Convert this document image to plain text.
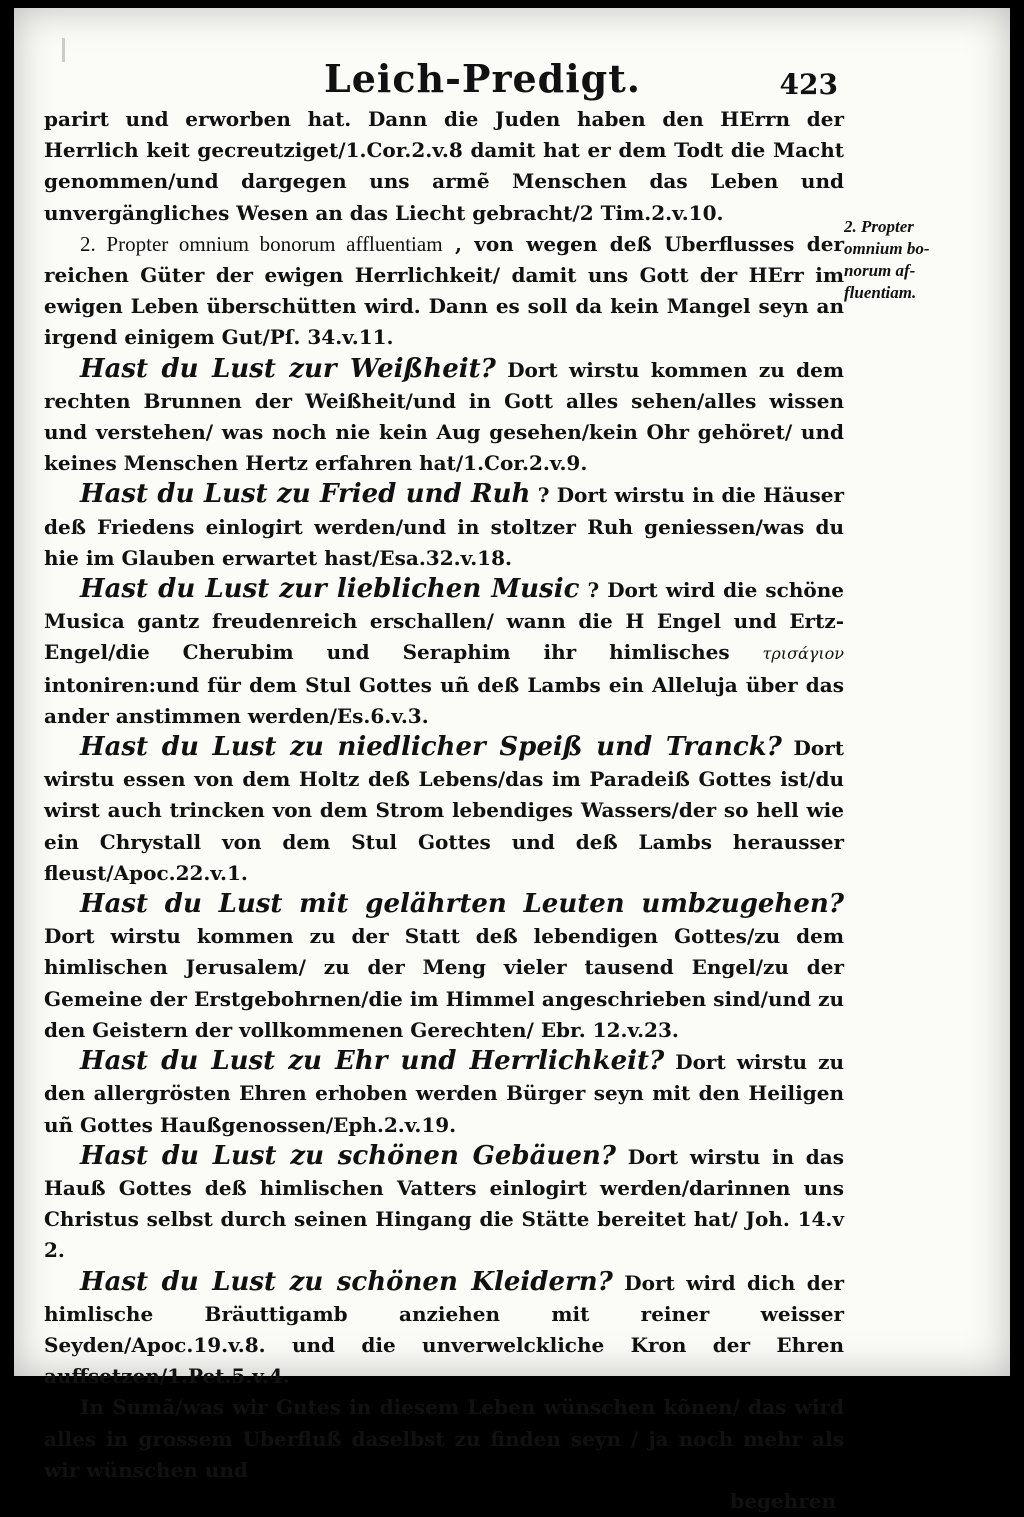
Leich-Predigt.	423

parirt und erworben hat. Dann die Juden haben den HErrn der Herrlich keit gecreutziget/1.Cor.2.v.8 damit hat er dem Todt die Macht genommen/und dargegen uns armẽ Menschen das Leben und unvergängliches Wesen an das Liecht gebracht/2 Tim.2.v.10.

2. Propter omnium bonorum affluentiam , von wegen deß Uberflusses der reichen Güter der ewigen Herrlichkeit/ damit uns Gott der HErr im ewigen Leben überschütten wird. Dann es soll da kein Mangel seyn an irgend einigem Gut/Pſ. 34.v.11.

Hast du Lust zur Weißheit? Dort wirstu kommen zu dem rechten Brunnen der Weißheit/und in Gott alles sehen/alles wissen und verstehen/ was noch nie kein Aug gesehen/kein Ohr gehöret/ und keines Menschen Hertz erfahren hat/1.Cor.2.v.9.

Hast du Lust zu Fried und Ruh ? Dort wirstu in die Häuser deß Friedens einlogirt werden/und in stoltzer Ruh geniessen/was du hie im Glauben erwartet hast/Esa.32.v.18.

Hast du Lust zur lieblichen Music ? Dort wird die schöne Musica gantz freudenreich erschallen/ wann die H Engel und Ertz-Engel/die Cherubim und Seraphim ihr himlisches τρισάγιον intoniren:und für dem Stul Gottes uñ deß Lambs ein Alleluja über das ander anstimmen werden/Es.6.v.3.

Hast du Lust zu niedlicher Speiß und Tranck? Dort wirstu essen von dem Holtz deß Lebens/das im Paradeiß Gottes ist/du wirst auch trincken von dem Strom lebendiges Wassers/der so hell wie ein Chrystall von dem Stul Gottes und deß Lambs herausser fleust/Apoc.22.v.1.

Hast du Lust mit gelährten Leuten umbzugehen? Dort wirstu kommen zu der Statt deß lebendigen Gottes/zu dem himlischen Jerusalem/ zu der Meng vieler tausend Engel/zu der Gemeine der Erstgebohrnen/die im Himmel angeschrieben sind/und zu den Geistern der vollkommenen Gerechten/ Ebr. 12.v.23.

Hast du Lust zu Ehr und Herrlichkeit? Dort wirstu zu den allergrösten Ehren erhoben werden Bürger seyn mit den Heiligen uñ Gottes Haußgenossen/Eph.2.v.19.

Hast du Lust zu schönen Gebäuen? Dort wirstu in das Hauß Gottes deß himlischen Vatters einlogirt werden/darinnen uns Christus selbst durch seinen Hingang die Stätte bereitet hat/ Joh. 14.v 2.

Hast du Lust zu schönen Kleidern? Dort wird dich der himlische Bräuttigamb anziehen mit reiner weisser Seyden/Apoc.19.v.8. und die unverwelckliche Kron der Ehren auffsetzen/1.Pet.5.v.4.

In Sumã/was wir Gutes in diesem Leben wünschen kõnen/ das wird alles in grossem Uberfluß daselbst zu finden seyn / ja noch mehr als wir wünschen und

begehren
2. Propter
omnium bo-
norum af-
fluentiam.
